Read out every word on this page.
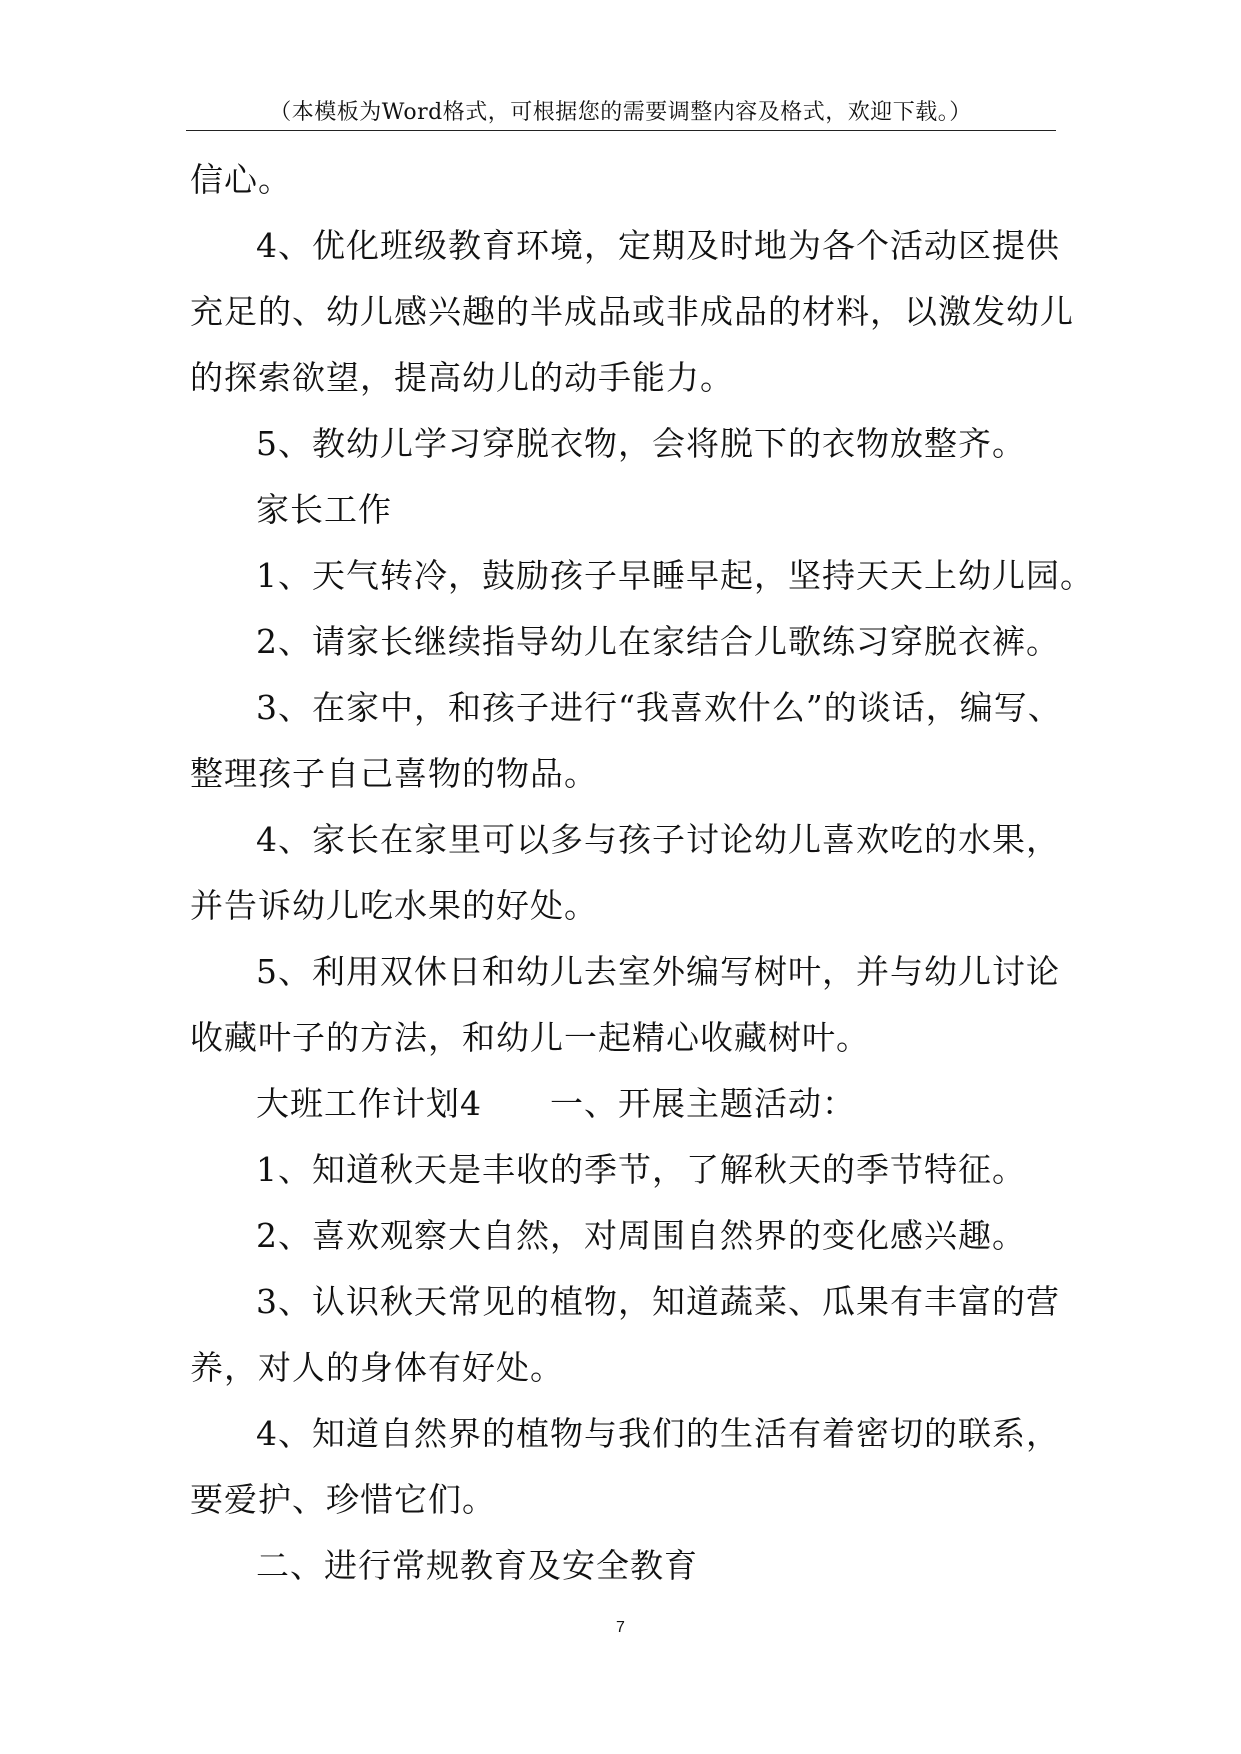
（本模板为Word格式，可根据您的需要调整内容及格式，欢迎下载。）
信心。
4、优化班级教育环境，定期及时地为各个活动区提供
充足的、幼儿感兴趣的半成品或非成品的材料，以激发幼儿
的探索欲望，提高幼儿的动手能力。
5、教幼儿学习穿脱衣物，会将脱下的衣物放整齐。
家长工作
1、天气转冷，鼓励孩子早睡早起，坚持天天上幼儿园。
2、请家长继续指导幼儿在家结合儿歌练习穿脱衣裤。
3、在家中，和孩子进行“我喜欢什么”的谈话，编写、
整理孩子自己喜物的物品。
4、家长在家里可以多与孩子讨论幼儿喜欢吃的水果，
并告诉幼儿吃水果的好处。
5、利用双休日和幼儿去室外编写树叶，并与幼儿讨论
收藏叶子的方法，和幼儿一起精心收藏树叶。
大班工作计划4　　一、开展主题活动：
1、知道秋天是丰收的季节，了解秋天的季节特征。
2、喜欢观察大自然，对周围自然界的变化感兴趣。
3、认识秋天常见的植物，知道蔬菜、瓜果有丰富的营
养，对人的身体有好处。
4、知道自然界的植物与我们的生活有着密切的联系，
要爱护、珍惜它们。
二、进行常规教育及安全教育
7
